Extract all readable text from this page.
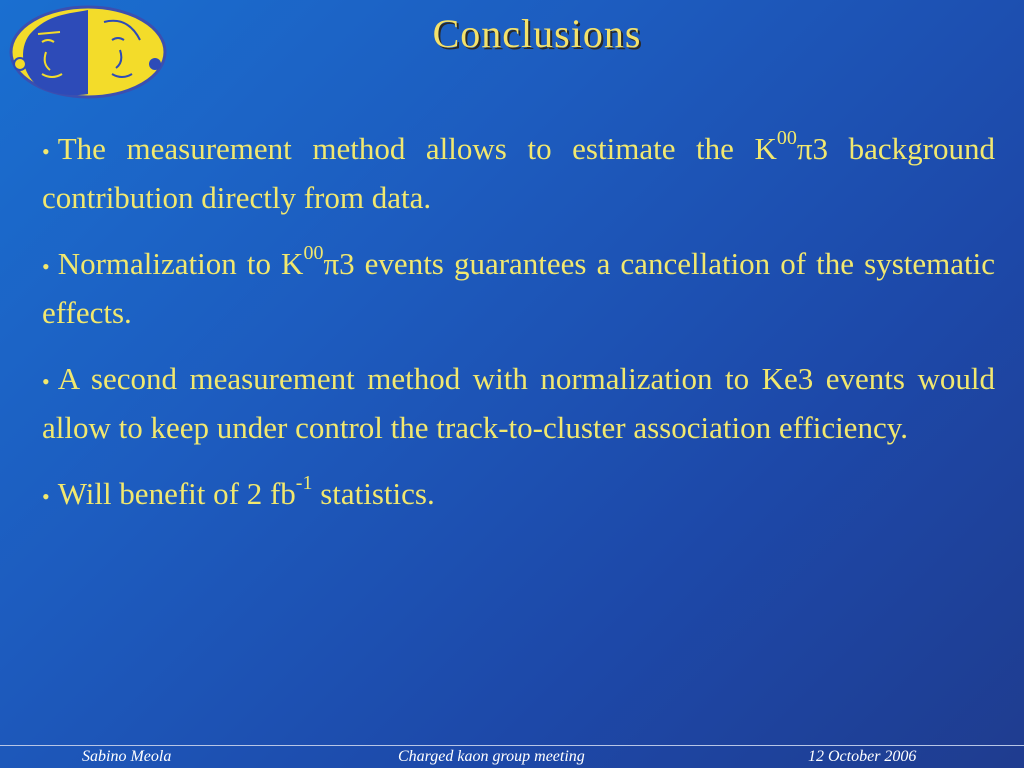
Conclusions

• The measurement method allows to estimate the $K^{00}\pi 3$ background contribution directly from data.

• Normalization to $K^{00}\pi 3$ events guarantees a cancellation of the systematic effects.

• A second measurement method with normalization to Ke3 events would allow to keep under control the track-to-cluster association efficiency.

• Will benefit of 2 $fb^{-1}$ statistics.

Sabino Meola	Charged kaon group meeting	12 October 2006
